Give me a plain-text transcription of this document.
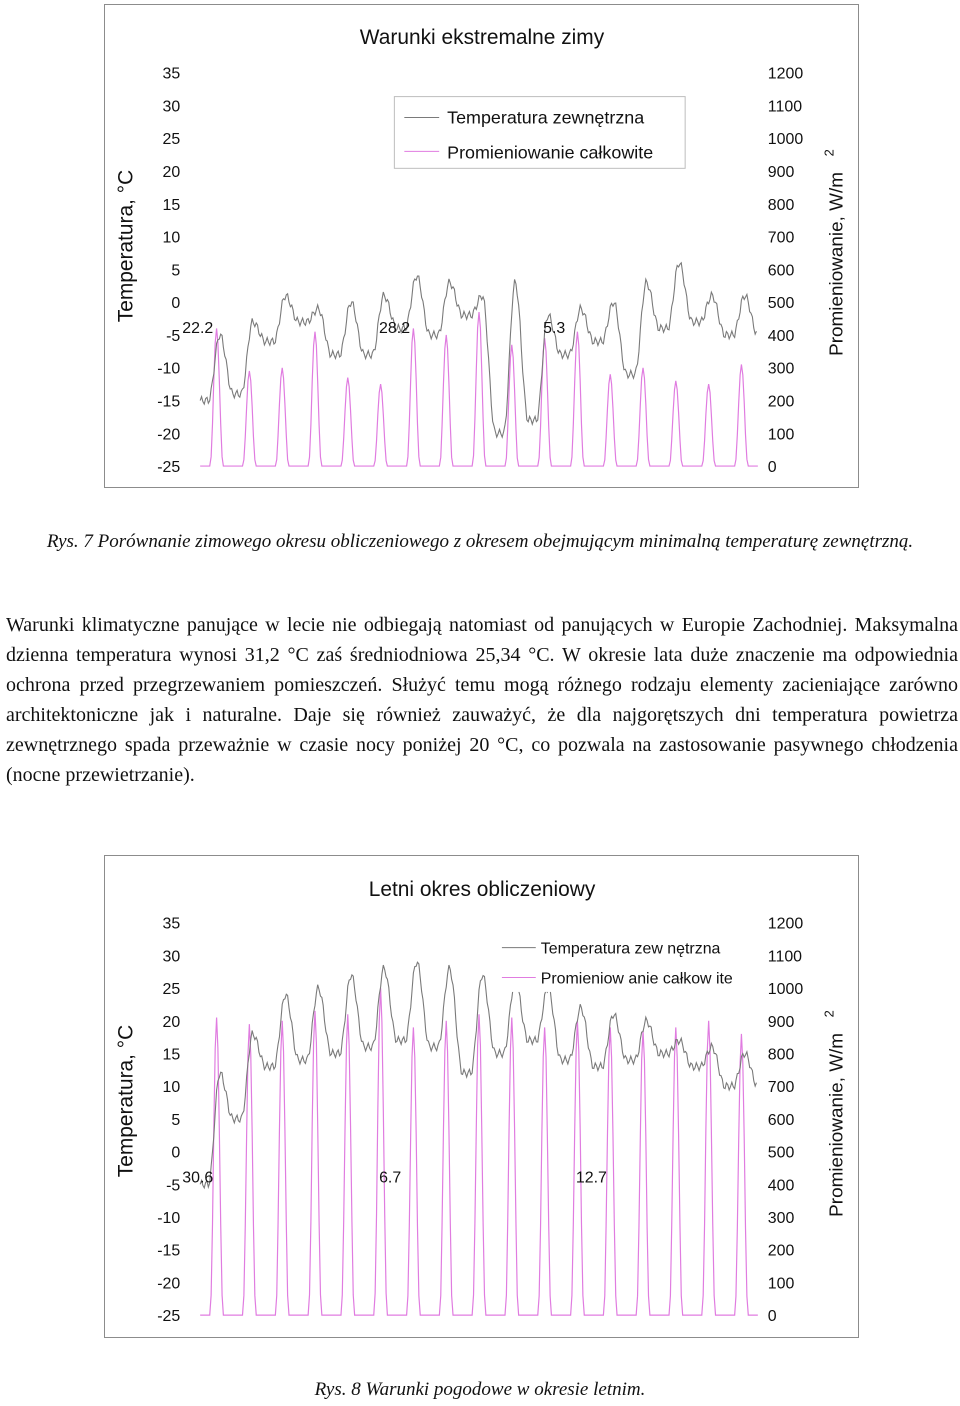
Warunki ekstremalne zimy
35
30
25
20
15
10
5
0
-5
-10
-15
-20
-25
1200
1100
1000
900
800
700
600
500
400
300
200
100
0
22.2	28.2	5.3
Temperatura zewnętrzna
Promieniowanie całkowite
Temperatura, °C	Promieniowanie, W/m
2
Rys. 7 Porównanie zimowego okresu obliczeniowego z okresem obejmującym minimalną temperaturę zewnętrzną.

Warunki klimatyczne panujące w lecie nie odbiegają natomiast od panujących w Europie Zachodniej. Maksymalna dzienna temperatura wynosi 31,2 °C zaś średniodniowa 25,34 °C. W okresie lata duże znaczenie ma odpowiednia ochrona przed przegrzewaniem pomieszczeń. Służyć temu mogą różnego rodzaju elementy zacieniające zarówno architektoniczne jak i naturalne. Daje się również zauważyć, że dla najgorętszych dni temperatura powietrza zewnętrznego spada przeważnie w czasie nocy poniżej 20 °C, co pozwala na zastosowanie pasywnego chłodzenia (nocne przewietrzanie).

Letni okres obliczeniowy
35
30
25
20
15
10
5
0
-5
-10
-15
-20
-25
1200
1100
1000
900
800
700
600
500
400
300
200
100
0
30.6	6.7	12.7
Temperatura zew nętrzna
Promieniow anie całkow ite
Temperatura, °C	Promieniowanie, W/m
2
Rys. 8 Warunki pogodowe w okresie letnim.
